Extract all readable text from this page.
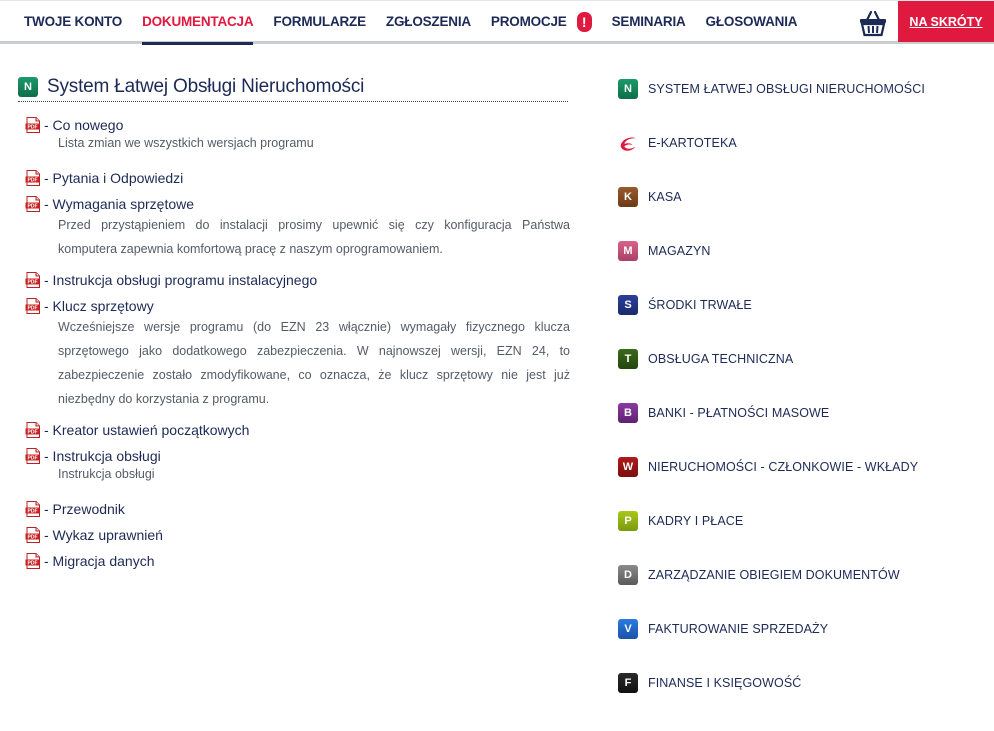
TWOJE KONTO	DOKUMENTACJA	FORMULARZE	ZGŁOSZENIA PROMOCJE	!	SEMINARIA	GŁOSOWANIA	NA SKRÓTY
N System Łatwej Obsługi Nieruchomości
PDF - Co nowego
Lista zmian we wszystkich wersjach programu
PDF - Pytania i Odpowiedzi
PDF - Wymagania sprzętowe
Przed przystąpieniem do instalacji prosimy upewnić się czy konfiguracja Państwa komputera zapewnia komfortową pracę z naszym oprogramowaniem.
PDF - Instrukcja obsługi programu instalacyjnego
PDF - Klucz sprzętowy
Wcześniejsze wersje programu (do EZN 23 włącznie) wymagały fizycznego klucza sprzętowego jako dodatkowego zabezpieczenia. W najnowszej wersji, EZN 24, to zabezpieczenie zostało zmodyfikowane, co oznacza, że klucz sprzętowy nie jest już niezbędny do korzystania z programu.
PDF - Kreator ustawień początkowych
PDF - Instrukcja obsługi
Instrukcja obsługi
PDF - Przewodnik
PDF - Wykaz uprawnień
PDF - Migracja danych
N	SYSTEM ŁATWEJ OBSŁUGI NIERUCHOMOŚCI
E-KARTOTEKA
K	KASA
M	MAGAZYN
S	ŚRODKI TRWAŁE
T	OBSŁUGA TECHNICZNA
B	BANKI - PŁATNOŚCI MASOWE
W	NIERUCHOMOŚCI - CZŁONKOWIE - WKŁADY
P	KADRY I PŁACE
D	ZARZĄDZANIE OBIEGIEM DOKUMENTÓW
V	FAKTUROWANIE SPRZEDAŻY
F	FINANSE I KSIĘGOWOŚĆ
